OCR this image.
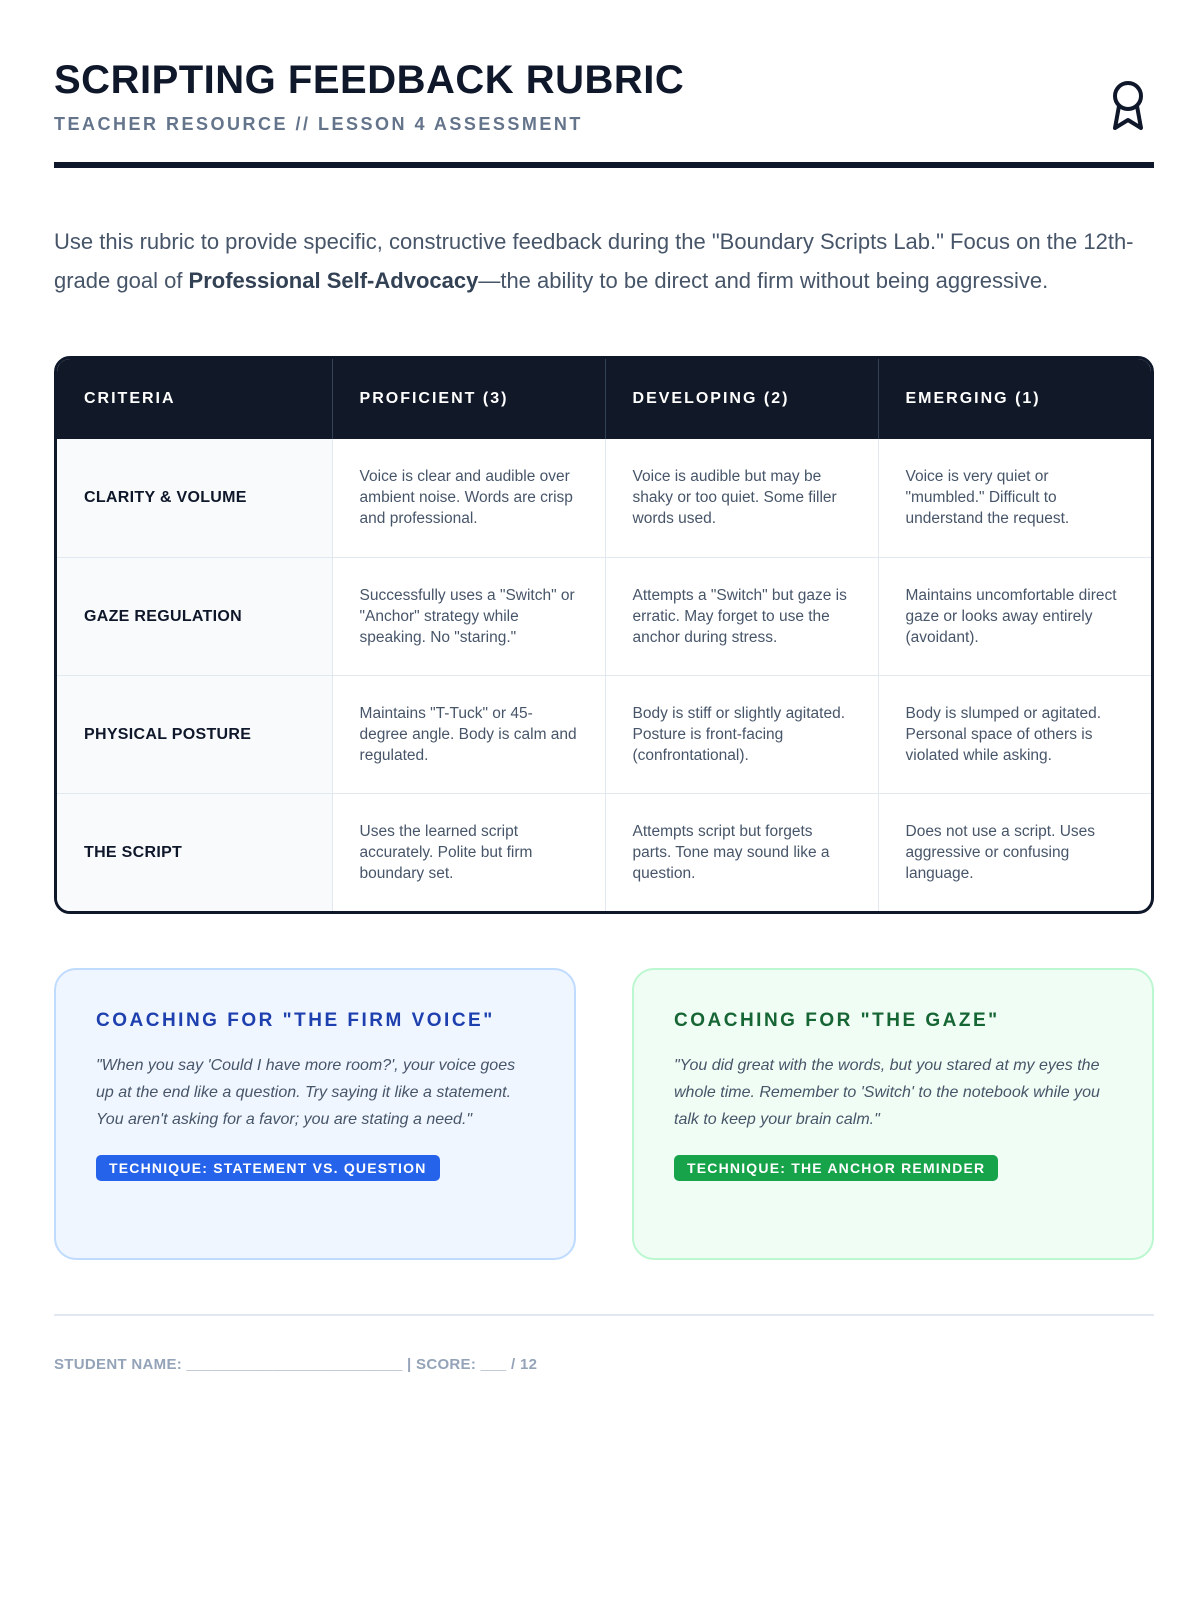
SCRIPTING FEEDBACK RUBRIC
TEACHER RESOURCE // LESSON 4 ASSESSMENT

Use this rubric to provide specific, constructive feedback during the "Boundary Scripts Lab." Focus on the 12th-grade goal of Professional Self-Advocacy—the ability to be direct and firm without being aggressive.

CRITERIA	PROFICIENT (3)	DEVELOPING (2)	EMERGING (1)
CLARITY & VOLUME	Voice is clear and audible over ambient noise. Words are crisp and professional.	Voice is audible but may be shaky or too quiet. Some filler words used.	Voice is very quiet or "mumbled." Difficult to understand the request.
GAZE REGULATION	Successfully uses a "Switch" or "Anchor" strategy while speaking. No "staring."	Attempts a "Switch" but gaze is erratic. May forget to use the anchor during stress.	Maintains uncomfortable direct gaze or looks away entirely (avoidant).
PHYSICAL POSTURE	Maintains "T-Tuck" or 45-degree angle. Body is calm and regulated.	Body is stiff or slightly agitated. Posture is front-facing (confrontational).	Body is slumped or agitated. Personal space of others is violated while asking.
THE SCRIPT	Uses the learned script accurately. Polite but firm boundary set.	Attempts script but forgets parts. Tone may sound like a question.	Does not use a script. Uses aggressive or confusing language.
COACHING FOR "THE FIRM VOICE"

"When you say 'Could I have more room?', your voice goes up at the end like a question. Try saying it like a statement. You aren't asking for a favor; you are stating a need."

TECHNIQUE: STATEMENT VS. QUESTION
COACHING FOR "THE GAZE"

"You did great with the words, but you stared at my eyes the whole time. Remember to 'Switch' to the notebook while you talk to keep your brain calm."

TECHNIQUE: THE ANCHOR REMINDER
STUDENT NAME: _________________________ | SCORE: ___ / 12
